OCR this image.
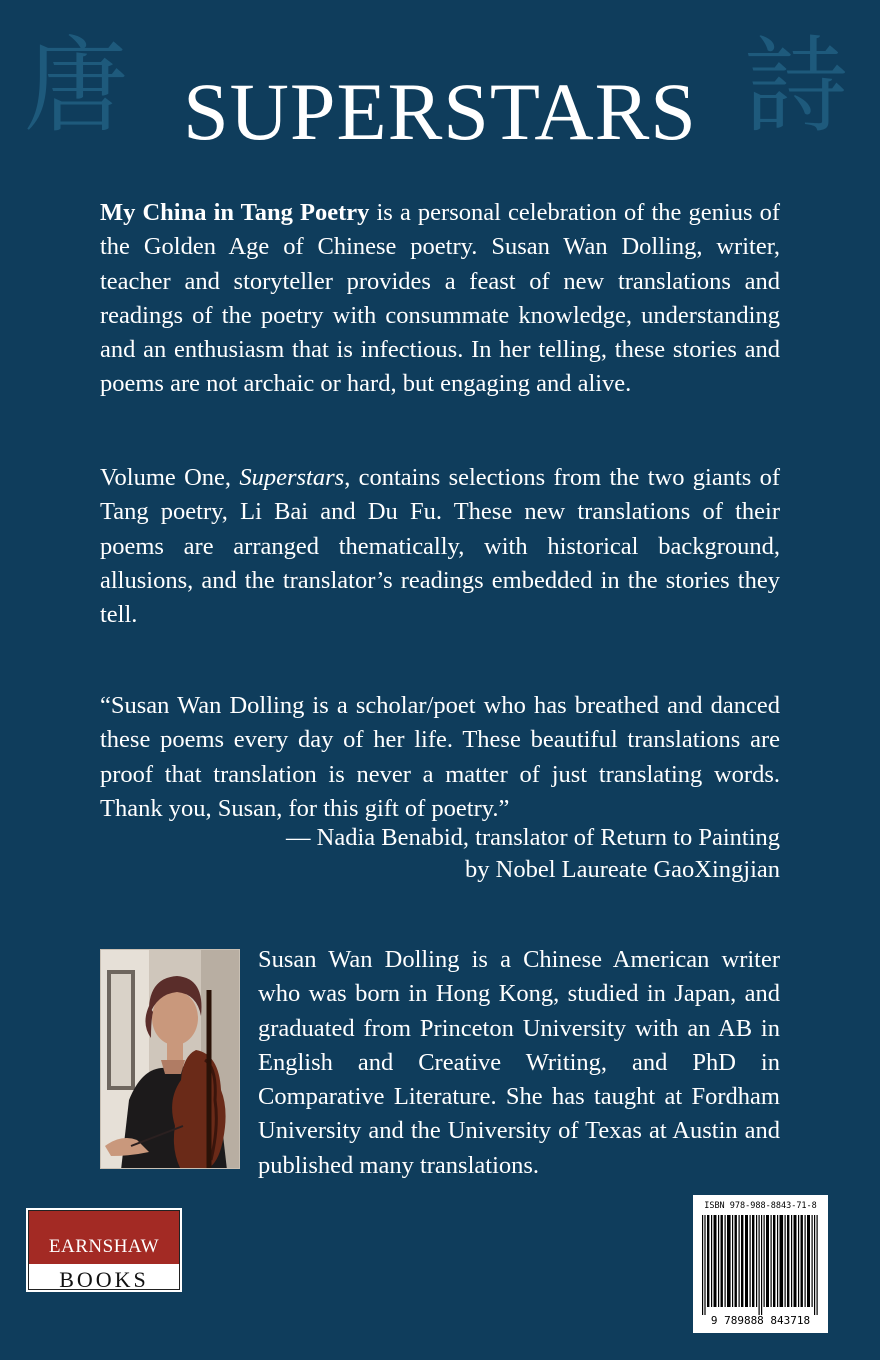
唐	詩
SUPERSTARS
My China in Tang Poetry is a personal celebration of the genius of the Golden Age of Chinese poetry. Susan Wan Dolling, writer, teacher and storyteller provides a feast of new translations and readings of the poetry with consummate knowledge, understanding and an enthusiasm that is infectious. In her telling, these stories and poems are not archaic or hard, but engaging and alive.
Volume One, Superstars, contains selections from the two giants of Tang poetry, Li Bai and Du Fu. These new translations of their poems are arranged thematically, with historical background, allusions, and the translator’s readings embedded in the stories they tell.
“Susan Wan Dolling is a scholar/poet who has breathed and danced these poems every day of her life. These beautiful translations are proof that translation is never a matter of just translating words. Thank you, Susan, for this gift of poetry.”
— Nadia Benabid, translator of Return to Painting
by Nobel Laureate GaoXingjian
Susan Wan Dolling is a Chinese American writer who was born in Hong Kong, studied in Japan, and graduated from Princeton University with an AB in English and Creative Writing, and PhD in Comparative Literature. She has taught at Fordham University and the University of Texas at Austin and published many translations.
EARNSHAW
BOOKS
ISBN 978-988-8843-71-8
9 789888 843718
